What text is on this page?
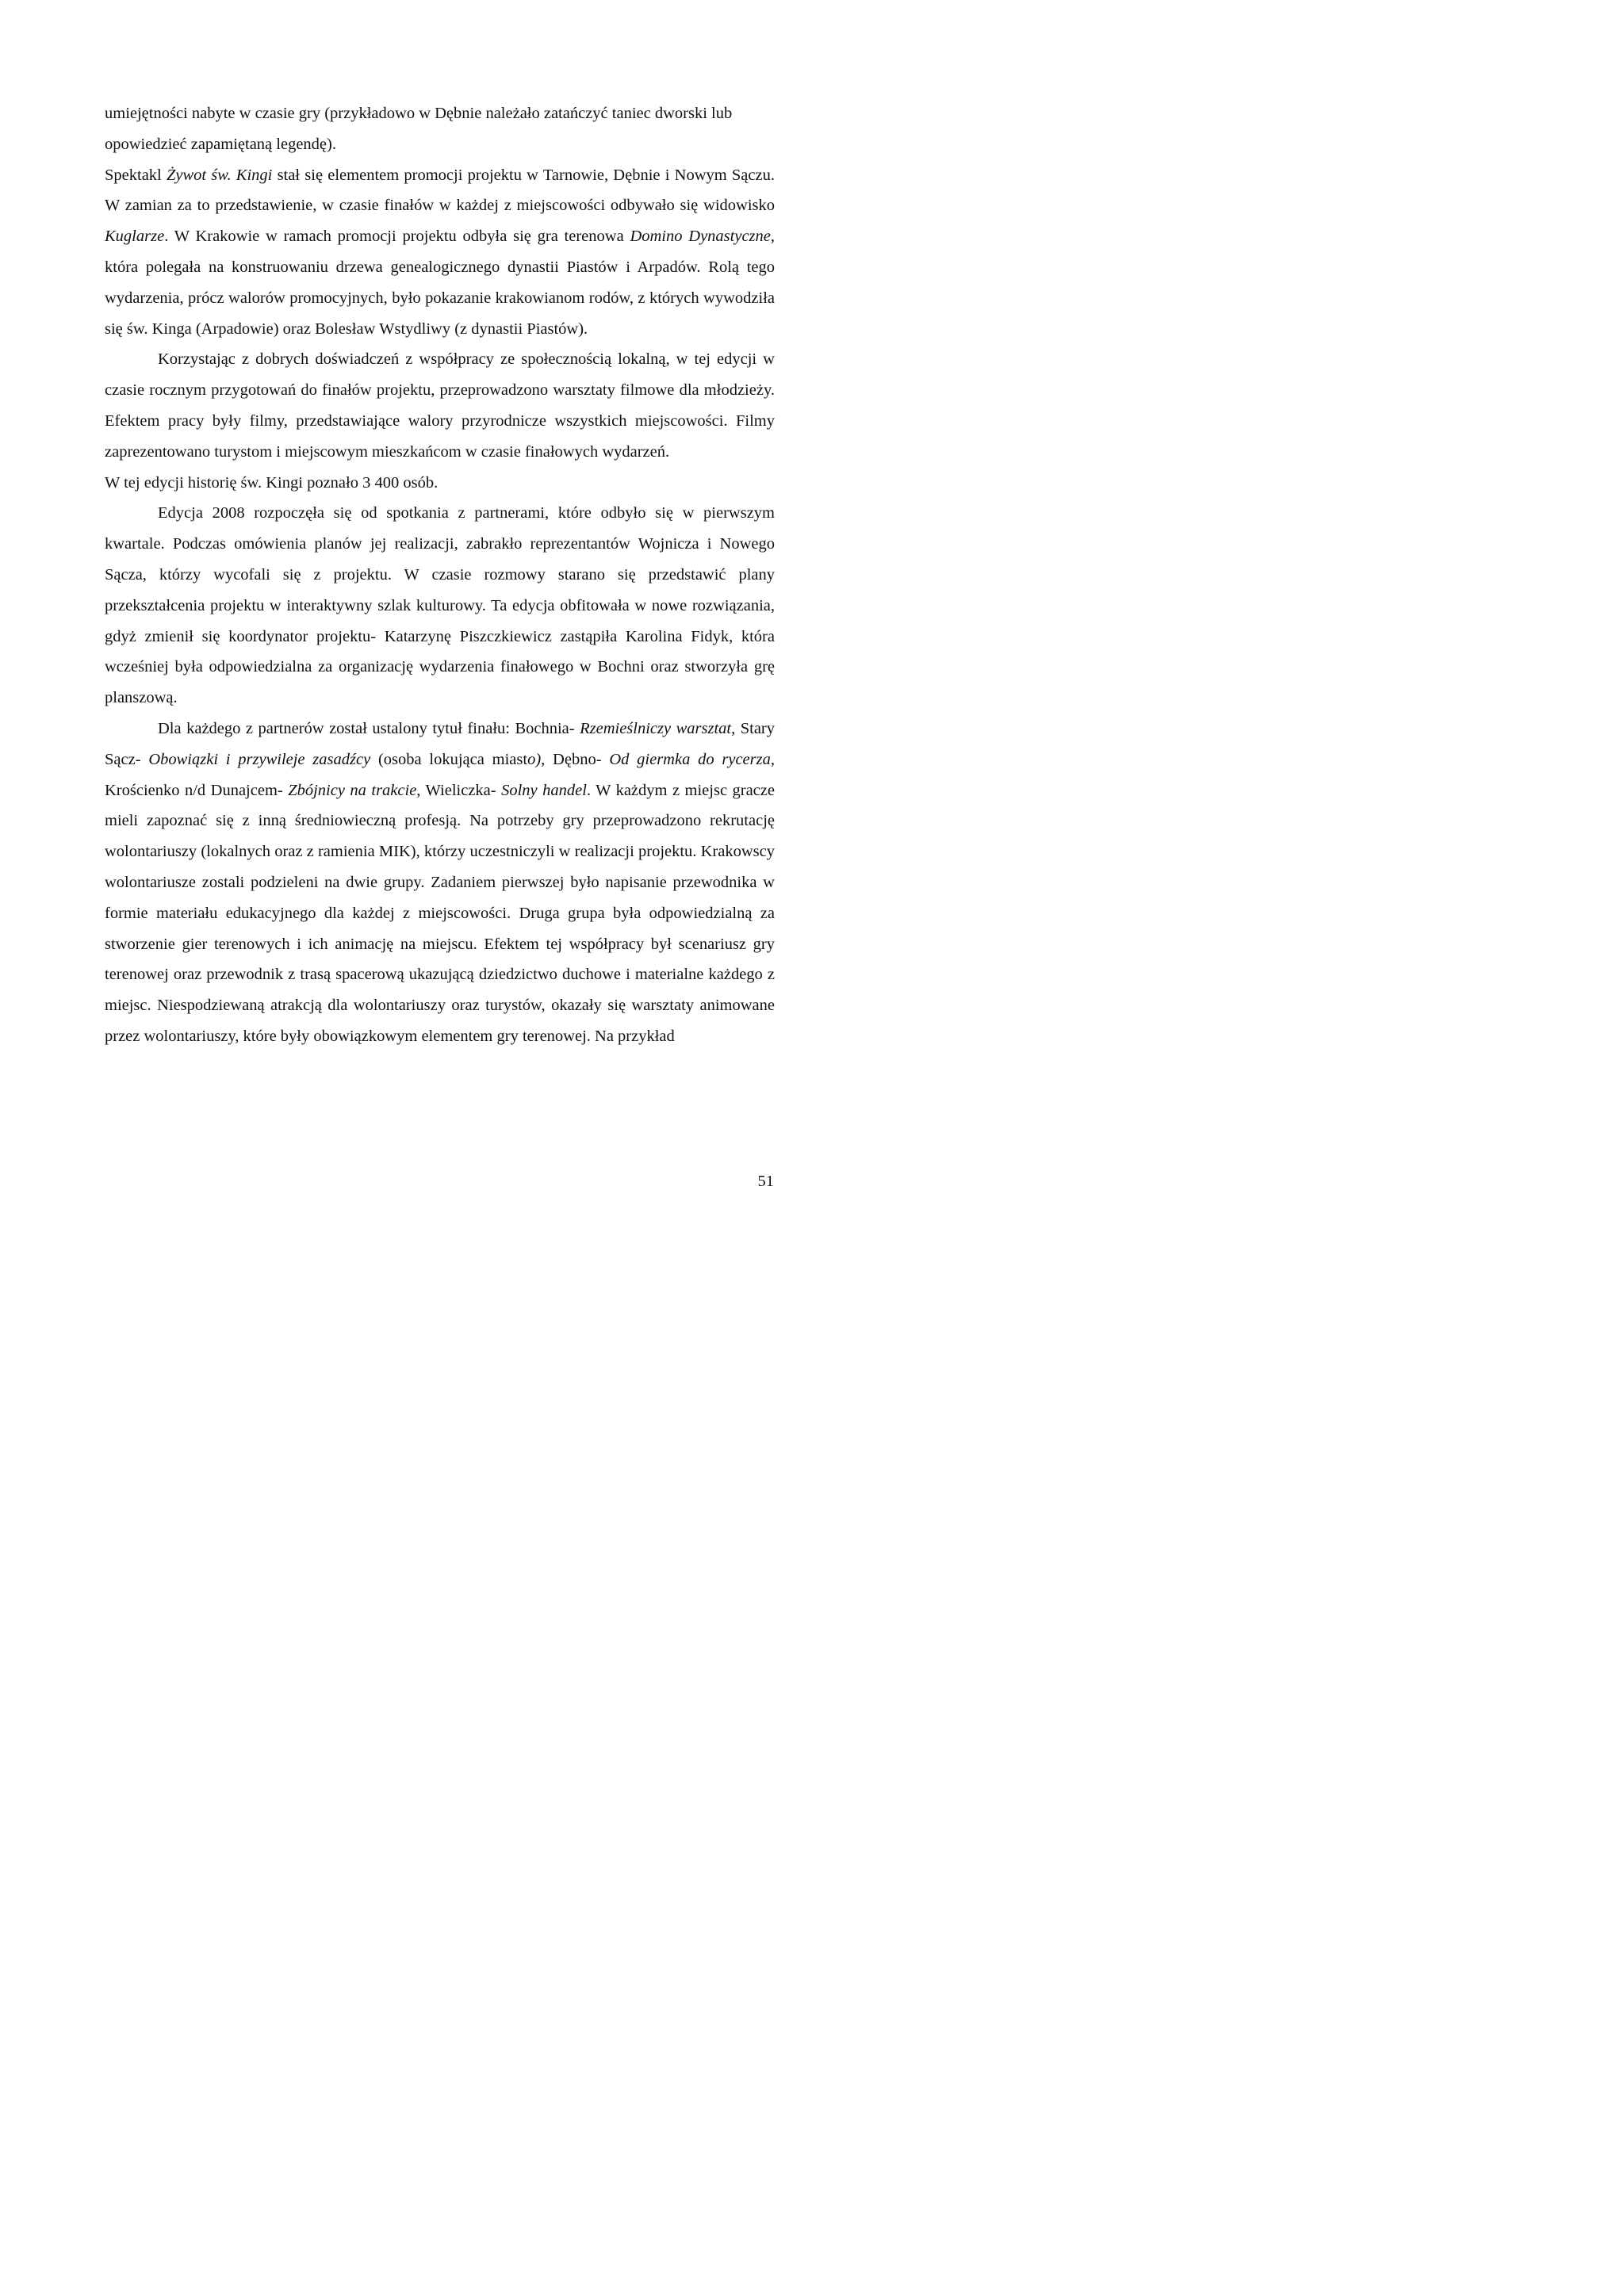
umiejętności nabyte w czasie gry (przykładowo w Dębnie należało zatańczyć taniec dworski lub opowiedzieć zapamiętaną legendę).

Spektakl Żywot św. Kingi stał się elementem promocji projektu w Tarnowie, Dębnie i Nowym Sączu. W zamian za to przedstawienie, w czasie finałów w każdej z miejscowości odbywało się widowisko Kuglarze. W Krakowie w ramach promocji projektu odbyła się gra terenowa Domino Dynastyczne, która polegała na konstruowaniu drzewa genealogicznego dynastii Piastów i Arpadów. Rolą tego wydarzenia, prócz walorów promocyjnych, było pokazanie krakowianom rodów, z których wywodziła się św. Kinga (Arpadowie) oraz Bolesław Wstydliwy (z dynastii Piastów).

Korzystając z dobrych doświadczeń z współpracy ze społecznością lokalną, w tej edycji w czasie rocznym przygotowań do finałów projektu, przeprowadzono warsztaty filmowe dla młodzieży. Efektem pracy były filmy, przedstawiające walory przyrodnicze wszystkich miejscowości. Filmy zaprezentowano turystom i miejscowym mieszkańcom w czasie finałowych wydarzeń.

W tej edycji historię św. Kingi poznało 3 400 osób.

Edycja 2008 rozpoczęła się od spotkania z partnerami, które odbyło się w pierwszym kwartale. Podczas omówienia planów jej realizacji, zabrakło reprezentantów Wojnicza i Nowego Sącza, którzy wycofali się z projektu. W czasie rozmowy starano się przedstawić plany przekształcenia projektu w interaktywny szlak kulturowy. Ta edycja obfitowała w nowe rozwiązania, gdyż zmienił się koordynator projektu- Katarzynę Piszczkiewicz zastąpiła Karolina Fidyk, która wcześniej była odpowiedzialna za organizację wydarzenia finałowego w Bochni oraz stworzyła grę planszową.

Dla każdego z partnerów został ustalony tytuł finału: Bochnia- Rzemieślniczy warsztat, Stary Sącz- Obowiązki i przywileje zasadźcy (osoba lokująca miasto), Dębno- Od giermka do rycerza, Krościenko n/d Dunajcem- Zbójnicy na trakcie, Wieliczka- Solny handel. W każdym z miejsc gracze mieli zapoznać się z inną średniowieczną profesją. Na potrzeby gry przeprowadzono rekrutację wolontariuszy (lokalnych oraz z ramienia MIK), którzy uczestniczyli w realizacji projektu. Krakowscy wolontariusze zostali podzieleni na dwie grupy. Zadaniem pierwszej było napisanie przewodnika w formie materiału edukacyjnego dla każdej z miejscowości. Druga grupa była odpowiedzialną za stworzenie gier terenowych i ich animację na miejscu. Efektem tej współpracy był scenariusz gry terenowej oraz przewodnik z trasą spacerową ukazującą dziedzictwo duchowe i materialne każdego z miejsc. Niespodziewaną atrakcją dla wolontariuszy oraz turystów, okazały się warsztaty animowane przez wolontariuszy, które były obowiązkowym elementem gry terenowej. Na przykład

51
